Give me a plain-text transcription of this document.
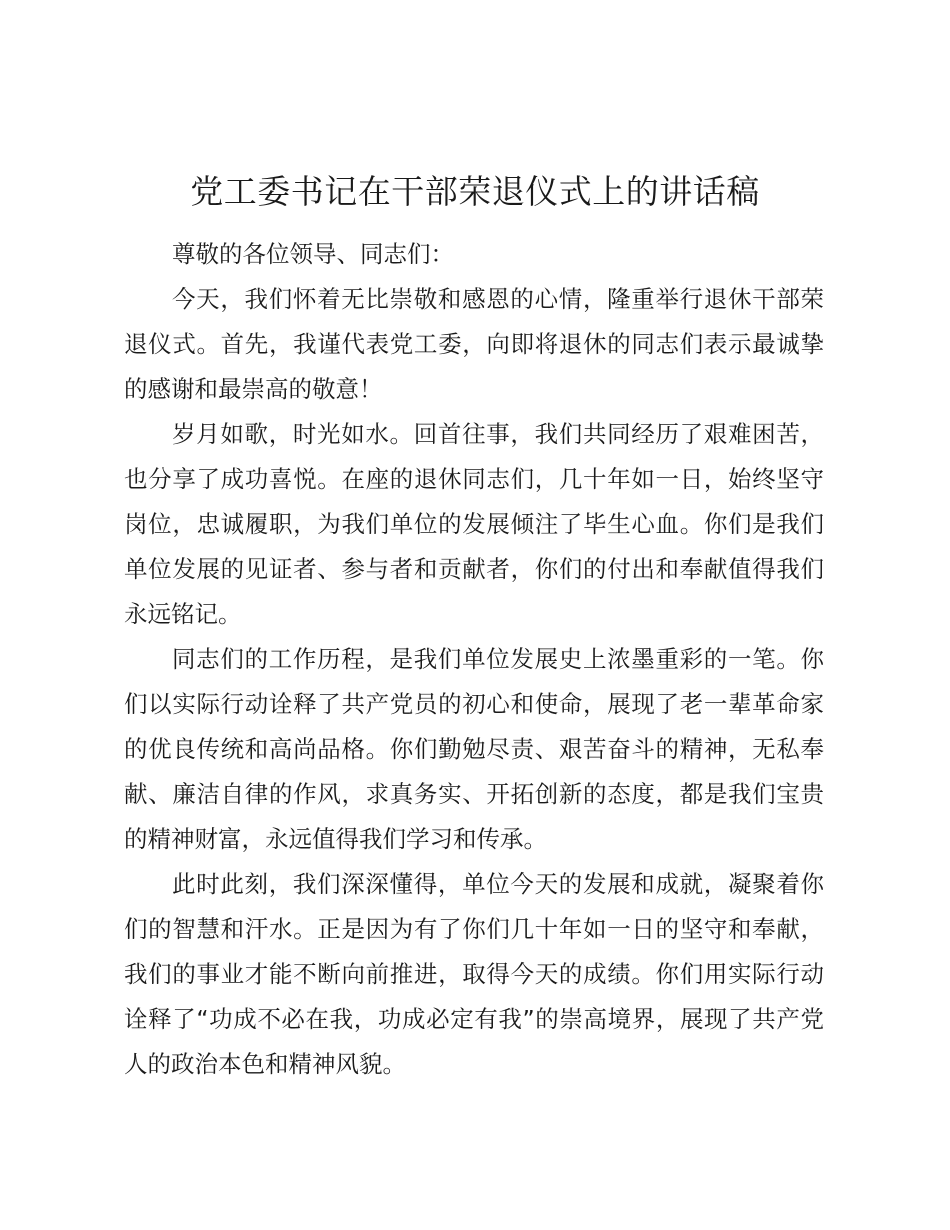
党工委书记在干部荣退仪式上的讲话稿

尊敬的各位领导、同志们：

今天，我们怀着无比崇敬和感恩的心情，隆重举行退休干部荣退仪式。首先，我谨代表党工委，向即将退休的同志们表示最诚挚的感谢和最崇高的敬意！

岁月如歌，时光如水。回首往事，我们共同经历了艰难困苦，也分享了成功喜悦。在座的退休同志们，几十年如一日，始终坚守岗位，忠诚履职，为我们单位的发展倾注了毕生心血。你们是我们单位发展的见证者、参与者和贡献者，你们的付出和奉献值得我们永远铭记。

同志们的工作历程，是我们单位发展史上浓墨重彩的一笔。你们以实际行动诠释了共产党员的初心和使命，展现了老一辈革命家的优良传统和高尚品格。你们勤勉尽责、艰苦奋斗的精神，无私奉献、廉洁自律的作风，求真务实、开拓创新的态度，都是我们宝贵的精神财富，永远值得我们学习和传承。

此时此刻，我们深深懂得，单位今天的发展和成就，凝聚着你们的智慧和汗水。正是因为有了你们几十年如一日的坚守和奉献，我们的事业才能不断向前推进，取得今天的成绩。你们用实际行动诠释了“功成不必在我，功成必定有我”的崇高境界，展现了共产党人的政治本色和精神风貌。
